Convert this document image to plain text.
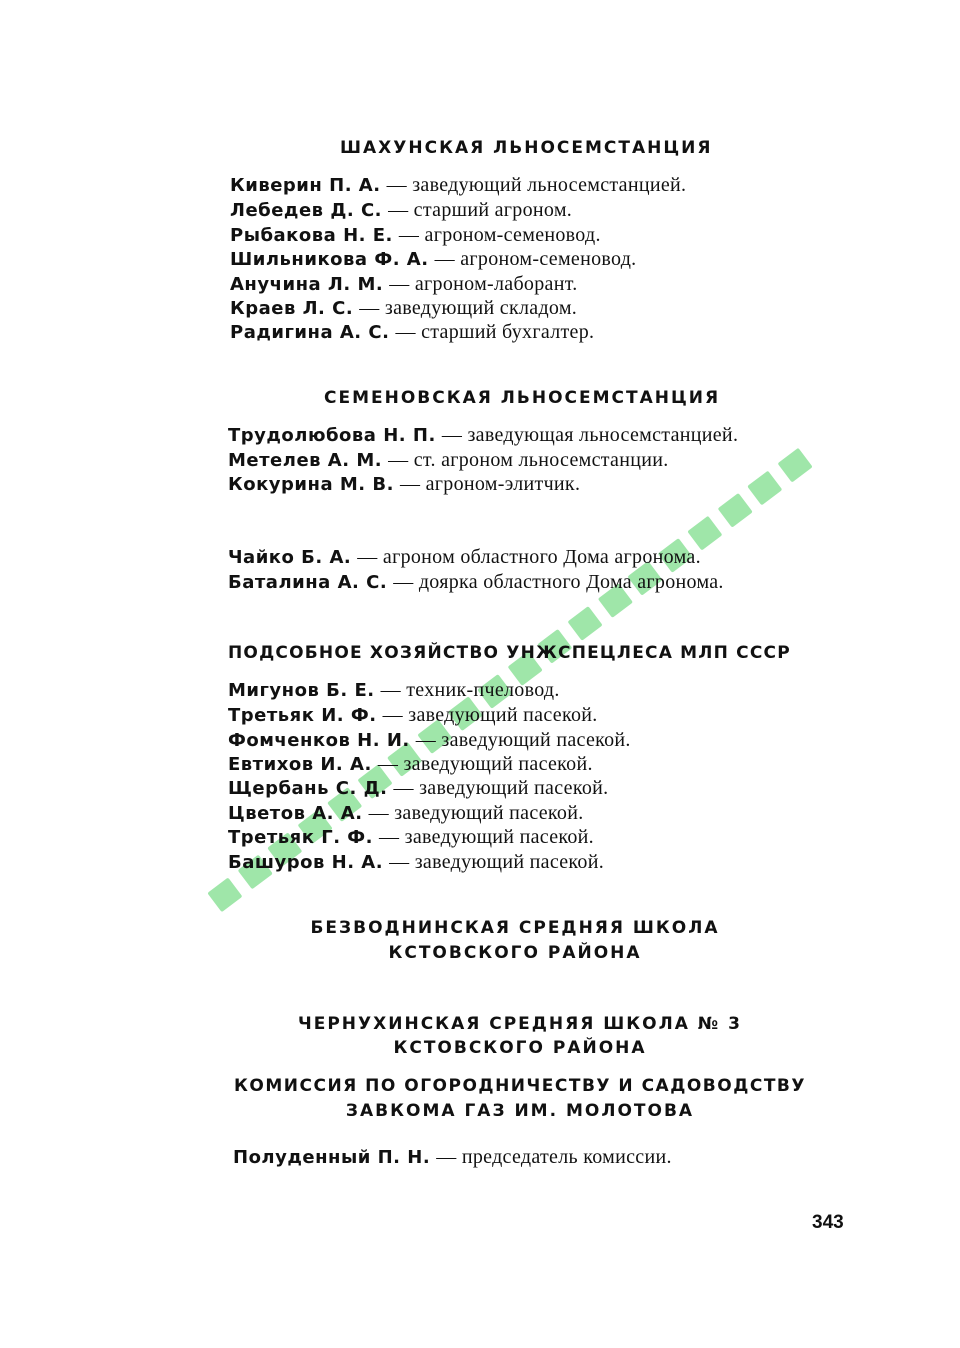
ШАХУНСКАЯ ЛЬНОСЕМСТАНЦИЯ
Киверин П. А. — заведующий льносемстанцией.
Лебедев Д. С. — старший агроном.
Рыбакова Н. Е. — агроном-семеновод.
Шильникова Ф. А. — агроном-семеновод.
Анучина Л. М. — агроном-лаборант.
Краев Л. С. — заведующий складом.
Радигина А. С. — старший бухгалтер.
СЕМЕНОВСКАЯ ЛЬНОСЕМСТАНЦИЯ
Трудолюбова Н. П. — заведующая льносемстанцией.
Метелев А. М. — ст. агроном льносемстанции.
Кокурина М. В. — агроном-элитчик.
Чайко Б. А. — агроном областного Дома агронома.
Баталина А. С. — доярка областного Дома агронома.
ПОДСОБНОЕ ХОЗЯЙСТВО УНЖСПЕЦЛЕСА МЛП СССР
Мигунов Б. Е. — техник-пчеловод.
Третьяк И. Ф. — заведующий пасекой.
Фомченков Н. И. — заведующий пасекой.
Евтихов И. А. — заведующий пасекой.
Щербань С. Д. — заведующий пасекой.
Цветов А. А. — заведующий пасекой.
Третьяк Г. Ф. — заведующий пасекой.
Башуров Н. А. — заведующий пасекой.
БЕЗВОДНИНСКАЯ СРЕДНЯЯ ШКОЛА
КСТОВСКОГО РАЙОНА
ЧЕРНУХИНСКАЯ СРЕДНЯЯ ШКОЛА № 3
КСТОВСКОГО РАЙОНА
КОМИССИЯ ПО ОГОРОДНИЧЕСТВУ И САДОВОДСТВУ
ЗАВКОМА ГАЗ ИМ. МОЛОТОВА
Полуденный П. Н. — председатель комиссии.
343
